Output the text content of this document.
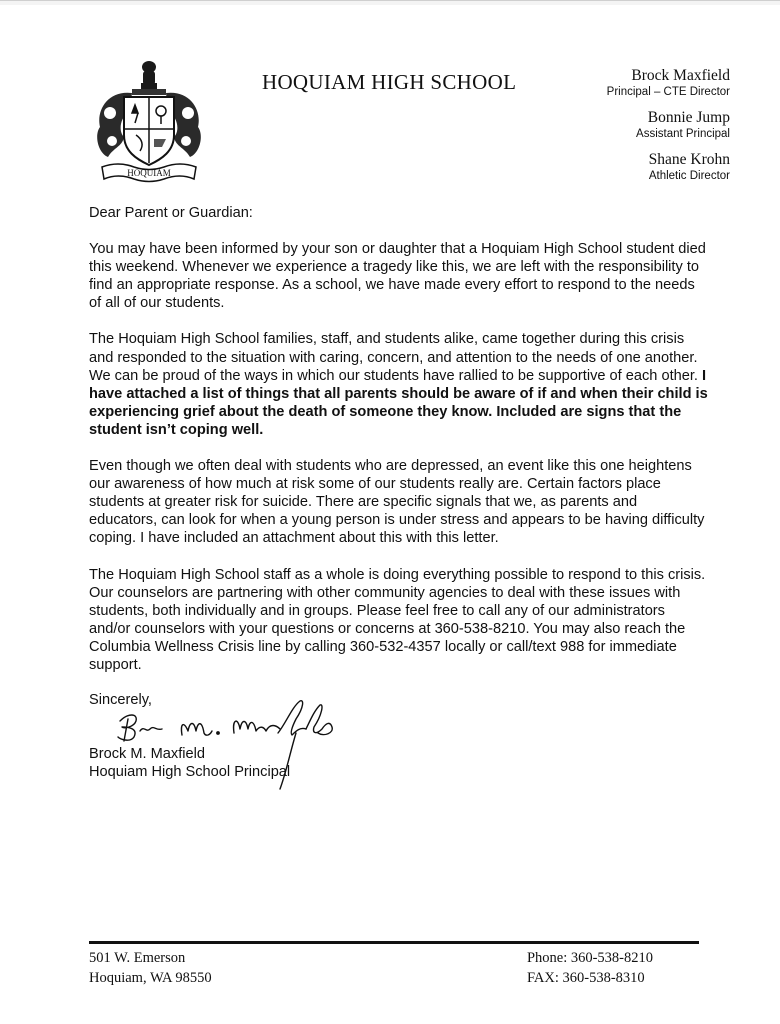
HOQUIAM
HOQUIAM HIGH SCHOOL	Brock Maxfield
Principal – CTE Director
Bonnie Jump
Assistant Principal
Shane Krohn
Athletic Director

Dear Parent or Guardian:

You may have been informed by your son or daughter that a Hoquiam High School student died this weekend. Whenever we experience a tragedy like this, we are left with the responsibility to find an appropriate response. As a school, we have made every effort to respond to the needs of all of our students.

The Hoquiam High School families, staff, and students alike, came together during this crisis and responded to the situation with caring, concern, and attention to the needs of one another. We can be proud of the ways in which our students have rallied to be supportive of each other. I have attached a list of things that all parents should be aware of if and when their child is experiencing grief about the death of someone they know. Included are signs that the student isn’t coping well.

Even though we often deal with students who are depressed, an event like this one heightens our awareness of how much at risk some of our students really are. Certain factors place students at greater risk for suicide. There are specific signals that we, as parents and educators, can look for when a young person is under stress and appears to be having difficulty coping. I have included an attachment about this with this letter.

The Hoquiam High School staff as a whole is doing everything possible to respond to this crisis. Our counselors are partnering with other community agencies to deal with these issues with students, both individually and in groups. Please feel free to call any of our administrators and/or counselors with your questions or concerns at 360-538-8210. You may also reach the Columbia Wellness Crisis line by calling 360-532-4357 locally or call/text 988 for immediate support.

Sincerely,
Brock M. Maxfield
Hoquiam High School Principal
501 W. Emerson
Hoquiam, WA 98550
Phone: 360-538-8210
FAX: 360-538-8310
